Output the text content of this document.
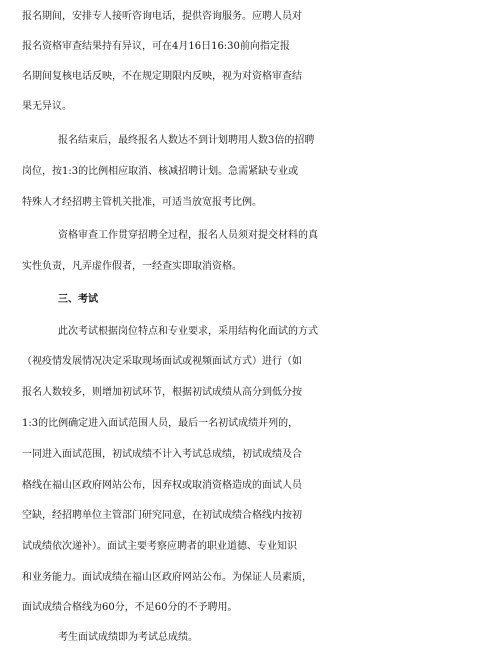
报名期间，安排专人接听咨询电话，提供咨询服务。应聘人员对
报名资格审查结果持有异议，可在4月16日16:30前向指定报
名期间复核电话反映，不在规定期限内反映，视为对资格审查结
果无异议。
报名结束后，最终报名人数达不到计划聘用人数3倍的招聘
岗位，按1:3的比例相应取消、核减招聘计划。急需紧缺专业或
特殊人才经招聘主管机关批准，可适当放宽报考比例。
资格审查工作贯穿招聘全过程，报名人员须对提交材料的真
实性负责，凡弄虚作假者，一经查实即取消资格。
三、考试
此次考试根据岗位特点和专业要求，采用结构化面试的方式
（视疫情发展情况决定采取现场面试或视频面试方式）进行（如
报名人数较多，则增加初试环节，根据初试成绩从高分到低分按
1:3的比例确定进入面试范围人员，最后一名初试成绩并列的，
一同进入面试范围，初试成绩不计入考试总成绩，初试成绩及合
格线在福山区政府网站公布，因弃权或取消资格造成的面试人员
空缺，经招聘单位主管部门研究同意，在初试成绩合格线内按初
试成绩依次递补）。面试主要考察应聘者的职业道德、专业知识
和业务能力。面试成绩在福山区政府网站公布。为保证人员素质，
面试成绩合格线为60分，不足60分的不予聘用。
考生面试成绩即为考试总成绩。
